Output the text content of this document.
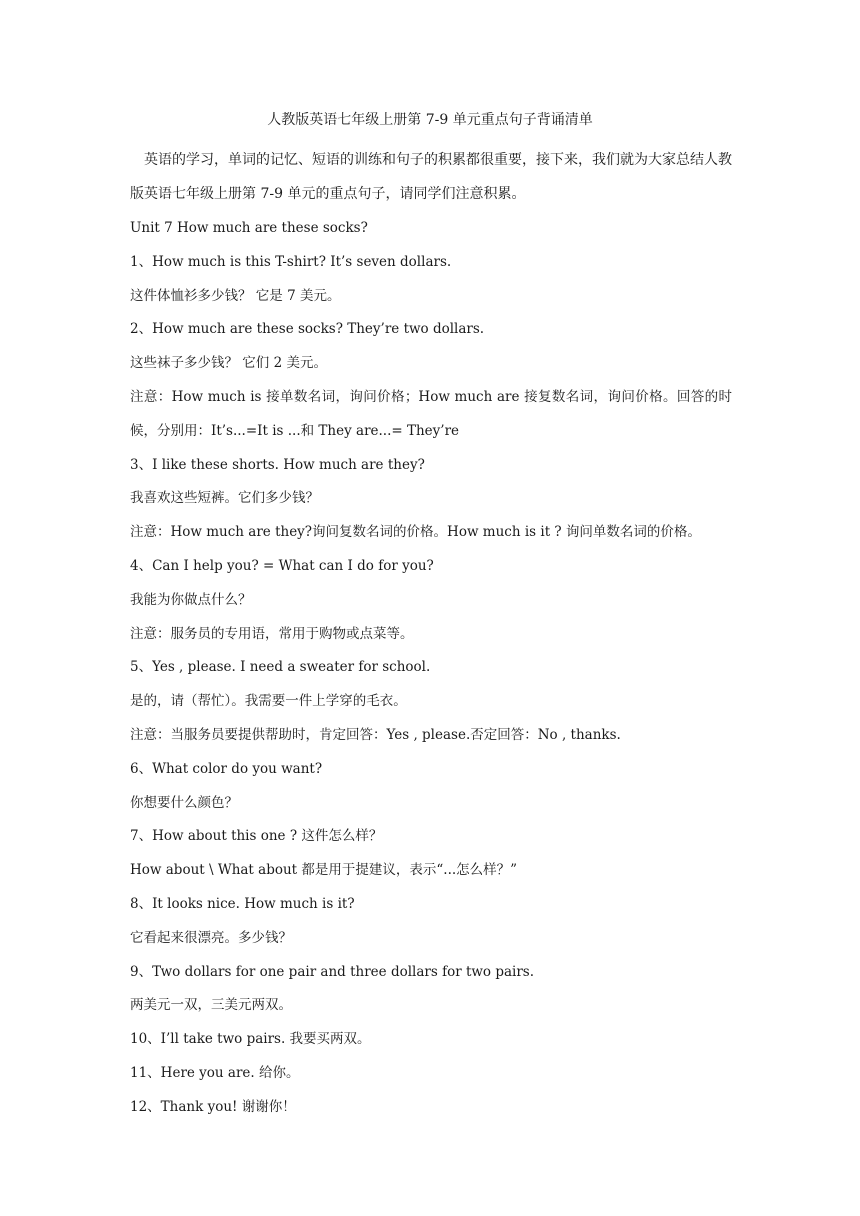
人教版英语七年级上册第 7-9 单元重点句子背诵清单
英语的学习，单词的记忆、短语的训练和句子的积累都很重要，接下来，我们就为大家总结人教版英语七年级上册第 7-9 单元的重点句子，请同学们注意积累。
Unit 7 How much are these socks?
1、How much is this T-shirt? It’s seven dollars.
这件体恤衫多少钱？ 它是 7 美元。
2、How much are these socks? They’re two dollars.
这些袜子多少钱？ 它们 2 美元。
注意：How much is 接单数名词，询问价格；How much are 接复数名词，询问价格。回答的时候，分别用：It’s...=It is ...和 They are...= They’re
3、I like these shorts. How much are they?
我喜欢这些短裤。它们多少钱？
注意：How much are they?询问复数名词的价格。How much is it ? 询问单数名词的价格。
4、Can I help you? = What can I do for you?
我能为你做点什么？
注意：服务员的专用语，常用于购物或点菜等。
5、Yes , please. I need a sweater for school.
是的，请（帮忙）。我需要一件上学穿的毛衣。
注意：当服务员要提供帮助时，肯定回答：Yes , please.否定回答：No , thanks.
6、What color do you want?
你想要什么颜色？
7、How about this one ? 这件怎么样？
How about \ What about 都是用于提建议，表示“...怎么样？”
8、It looks nice. How much is it?
它看起来很漂亮。多少钱？
9、Two dollars for one pair and three dollars for two pairs.
两美元一双，三美元两双。
10、I’ll take two pairs. 我要买两双。
11、Here you are. 给你。
12、Thank you! 谢谢你！
